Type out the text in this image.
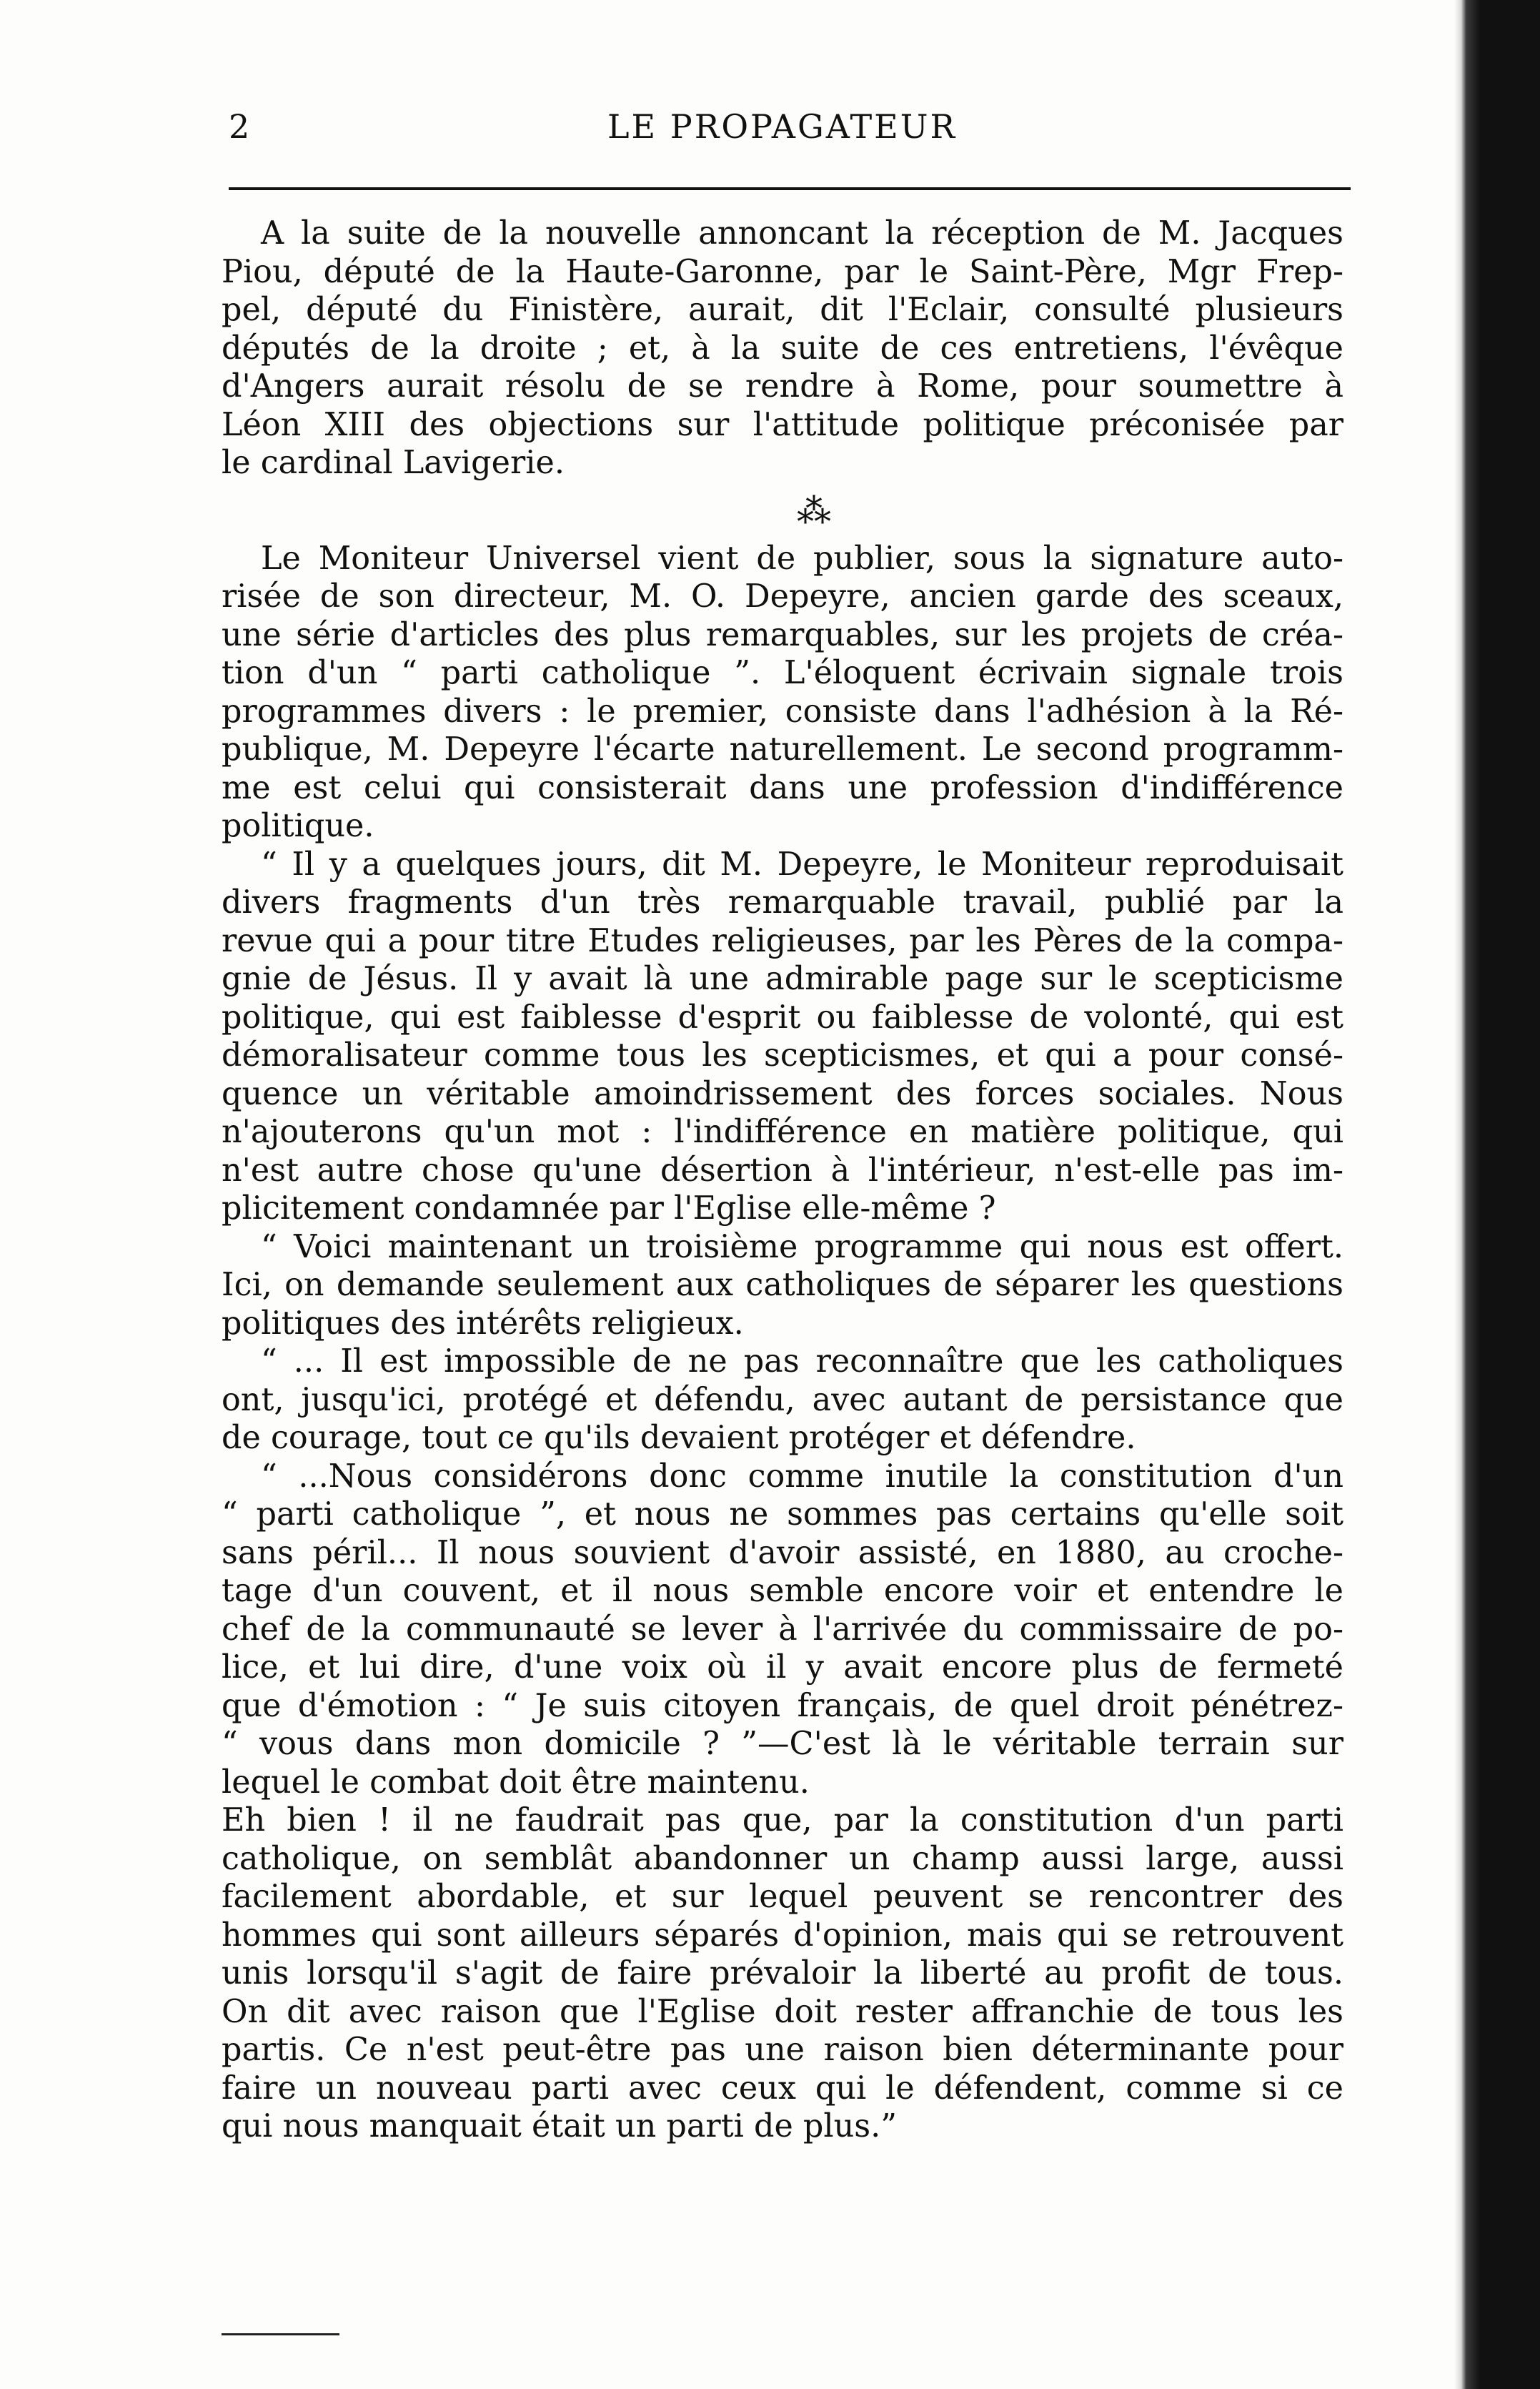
2	LE PROPAGATEUR

A la suite de la nouvelle annoncant la réception de M. Jacques
Piou, député de la Haute-Garonne, par le Saint-Père, Mgr Frep-
pel, député du Finistère, aurait, dit l'Eclair, consulté plusieurs
députés de la droite ; et, à la suite de ces entretiens, l'évêque
d'Angers aurait résolu de se rendre à Rome, pour soumettre à
Léon XIII des objections sur l'attitude politique préconisée par
le cardinal Lavigerie.

⁂

Le Moniteur Universel vient de publier, sous la signature auto-
risée de son directeur, M. O. Depeyre, ancien garde des sceaux,
une série d'articles des plus remarquables, sur les projets de créa-
tion d'un “ parti catholique ”. L'éloquent écrivain signale trois
programmes divers : le premier, consiste dans l'adhésion à la Ré-
publique, M. Depeyre l'écarte naturellement. Le second programm-
me est celui qui consisterait dans une profession d'indifférence
politique.

“ Il y a quelques jours, dit M. Depeyre, le Moniteur reproduisait
divers fragments d'un très remarquable travail, publié par la
revue qui a pour titre Etudes religieuses, par les Pères de la compa-
gnie de Jésus. Il y avait là une admirable page sur le scepticisme
politique, qui est faiblesse d'esprit ou faiblesse de volonté, qui est
démoralisateur comme tous les scepticismes, et qui a pour consé-
quence un véritable amoindrissement des forces sociales. Nous
n'ajouterons qu'un mot : l'indifférence en matière politique, qui
n'est autre chose qu'une désertion à l'intérieur, n'est-elle pas im-
plicitement condamnée par l'Eglise elle-même ?

“ Voici maintenant un troisième programme qui nous est offert.
Ici, on demande seulement aux catholiques de séparer les questions
politiques des intérêts religieux.

“ ... Il est impossible de ne pas reconnaître que les catholiques
ont, jusqu'ici, protégé et défendu, avec autant de persistance que
de courage, tout ce qu'ils devaient protéger et défendre.

“ ...Nous considérons donc comme inutile la constitution d'un
“ parti catholique ”, et nous ne sommes pas certains qu'elle soit
sans péril... Il nous souvient d'avoir assisté, en 1880, au croche-
tage d'un couvent, et il nous semble encore voir et entendre le
chef de la communauté se lever à l'arrivée du commissaire de po-
lice, et lui dire, d'une voix où il y avait encore plus de fermeté
que d'émotion : “ Je suis citoyen français, de quel droit pénétrez-
“ vous dans mon domicile ? ”—C'est là le véritable terrain sur
lequel le combat doit être maintenu.

Eh bien ! il ne faudrait pas que, par la constitution d'un parti
catholique, on semblât abandonner un champ aussi large, aussi
facilement abordable, et sur lequel peuvent se rencontrer des
hommes qui sont ailleurs séparés d'opinion, mais qui se retrouvent
unis lorsqu'il s'agit de faire prévaloir la liberté au profit de tous.
On dit avec raison que l'Eglise doit rester affranchie de tous les
partis. Ce n'est peut-être pas une raison bien déterminante pour
faire un nouveau parti avec ceux qui le défendent, comme si ce
qui nous manquait était un parti de plus.”
